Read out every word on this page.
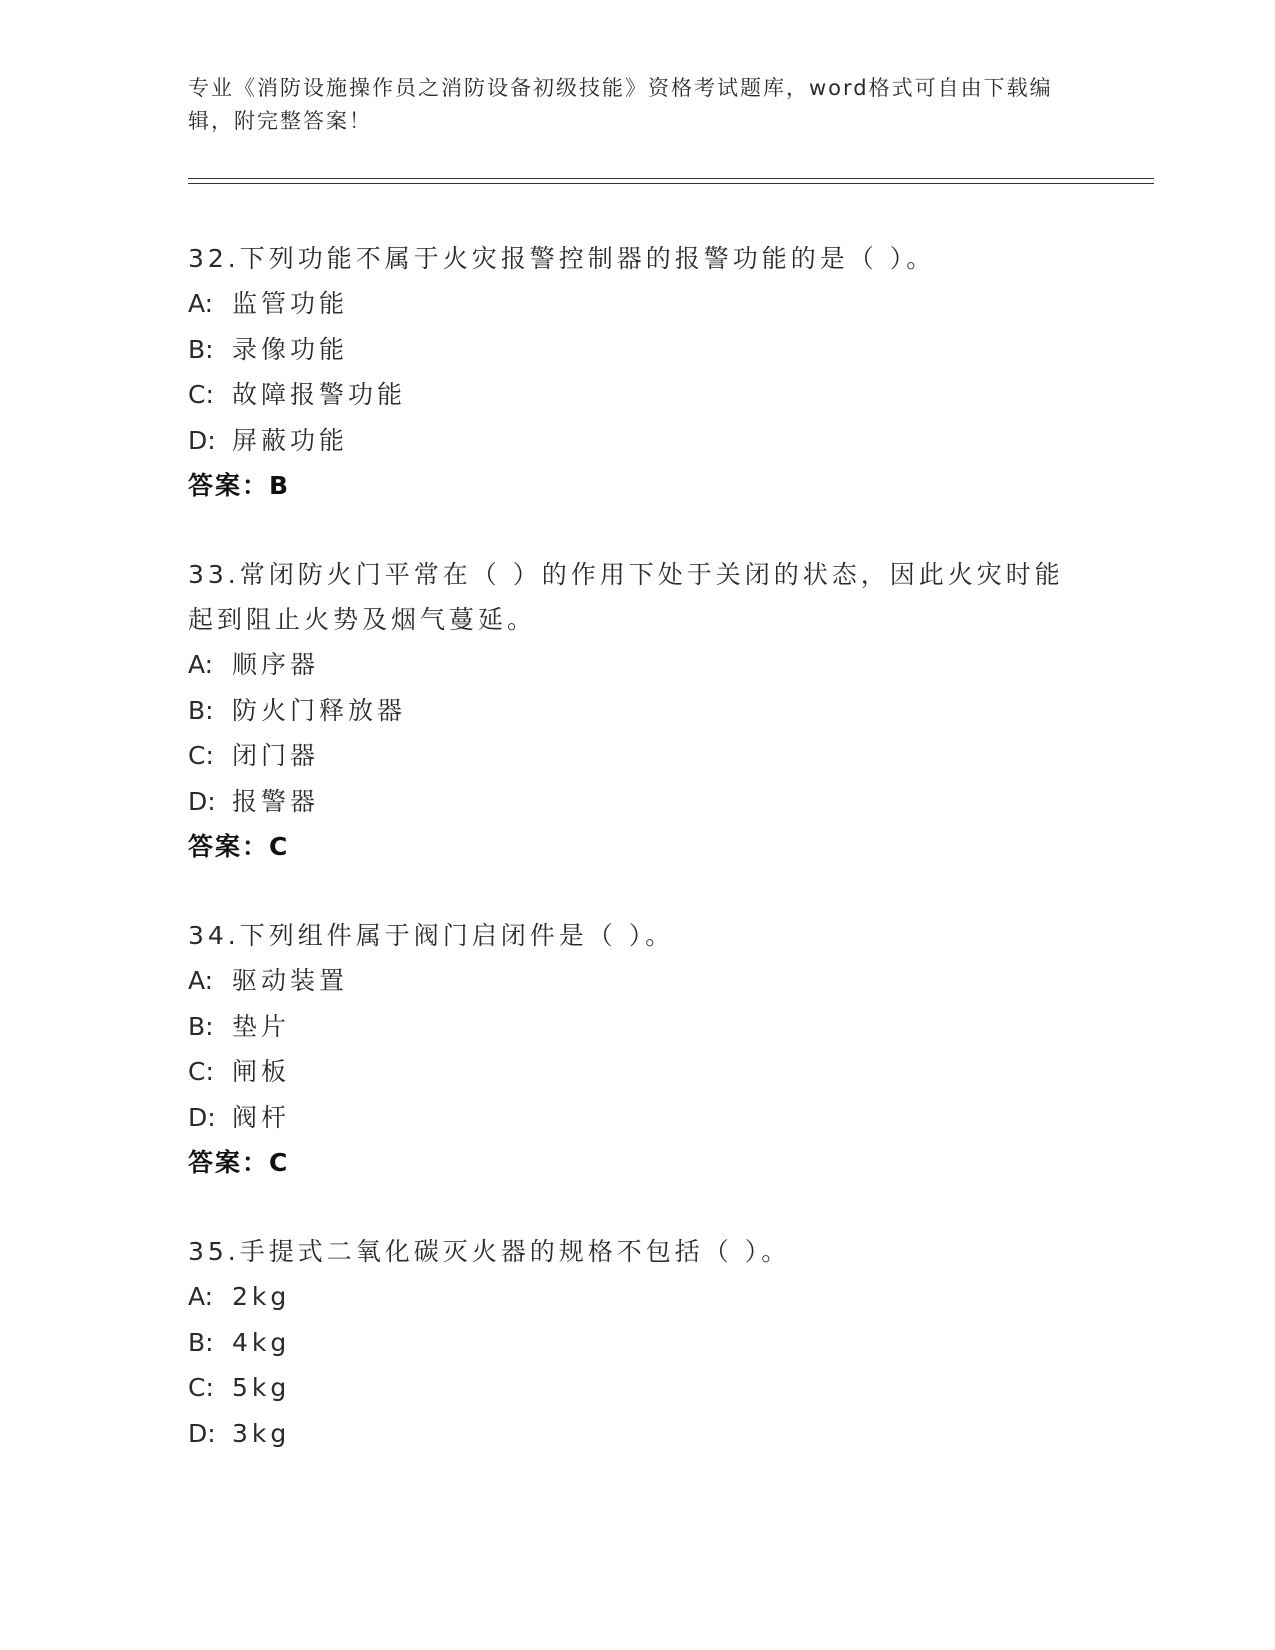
专业《消防设施操作员之消防设备初级技能》资格考试题库，word格式可自由下载编辑，附完整答案！
32.下列功能不属于火灾报警控制器的报警功能的是（ ）。
A: 监管功能
B: 录像功能
C: 故障报警功能
D: 屏蔽功能
答案：B
33.常闭防火门平常在（ ）的作用下处于关闭的状态，因此火灾时能起到阻止火势及烟气蔓延。
A: 顺序器
B: 防火门释放器
C: 闭门器
D: 报警器
答案：C
34.下列组件属于阀门启闭件是（ ）。
A: 驱动装置
B: 垫片
C: 闸板
D: 阀杆
答案：C
35.手提式二氧化碳灭火器的规格不包括（ ）。
A: 2kg
B: 4kg
C: 5kg
D: 3kg
